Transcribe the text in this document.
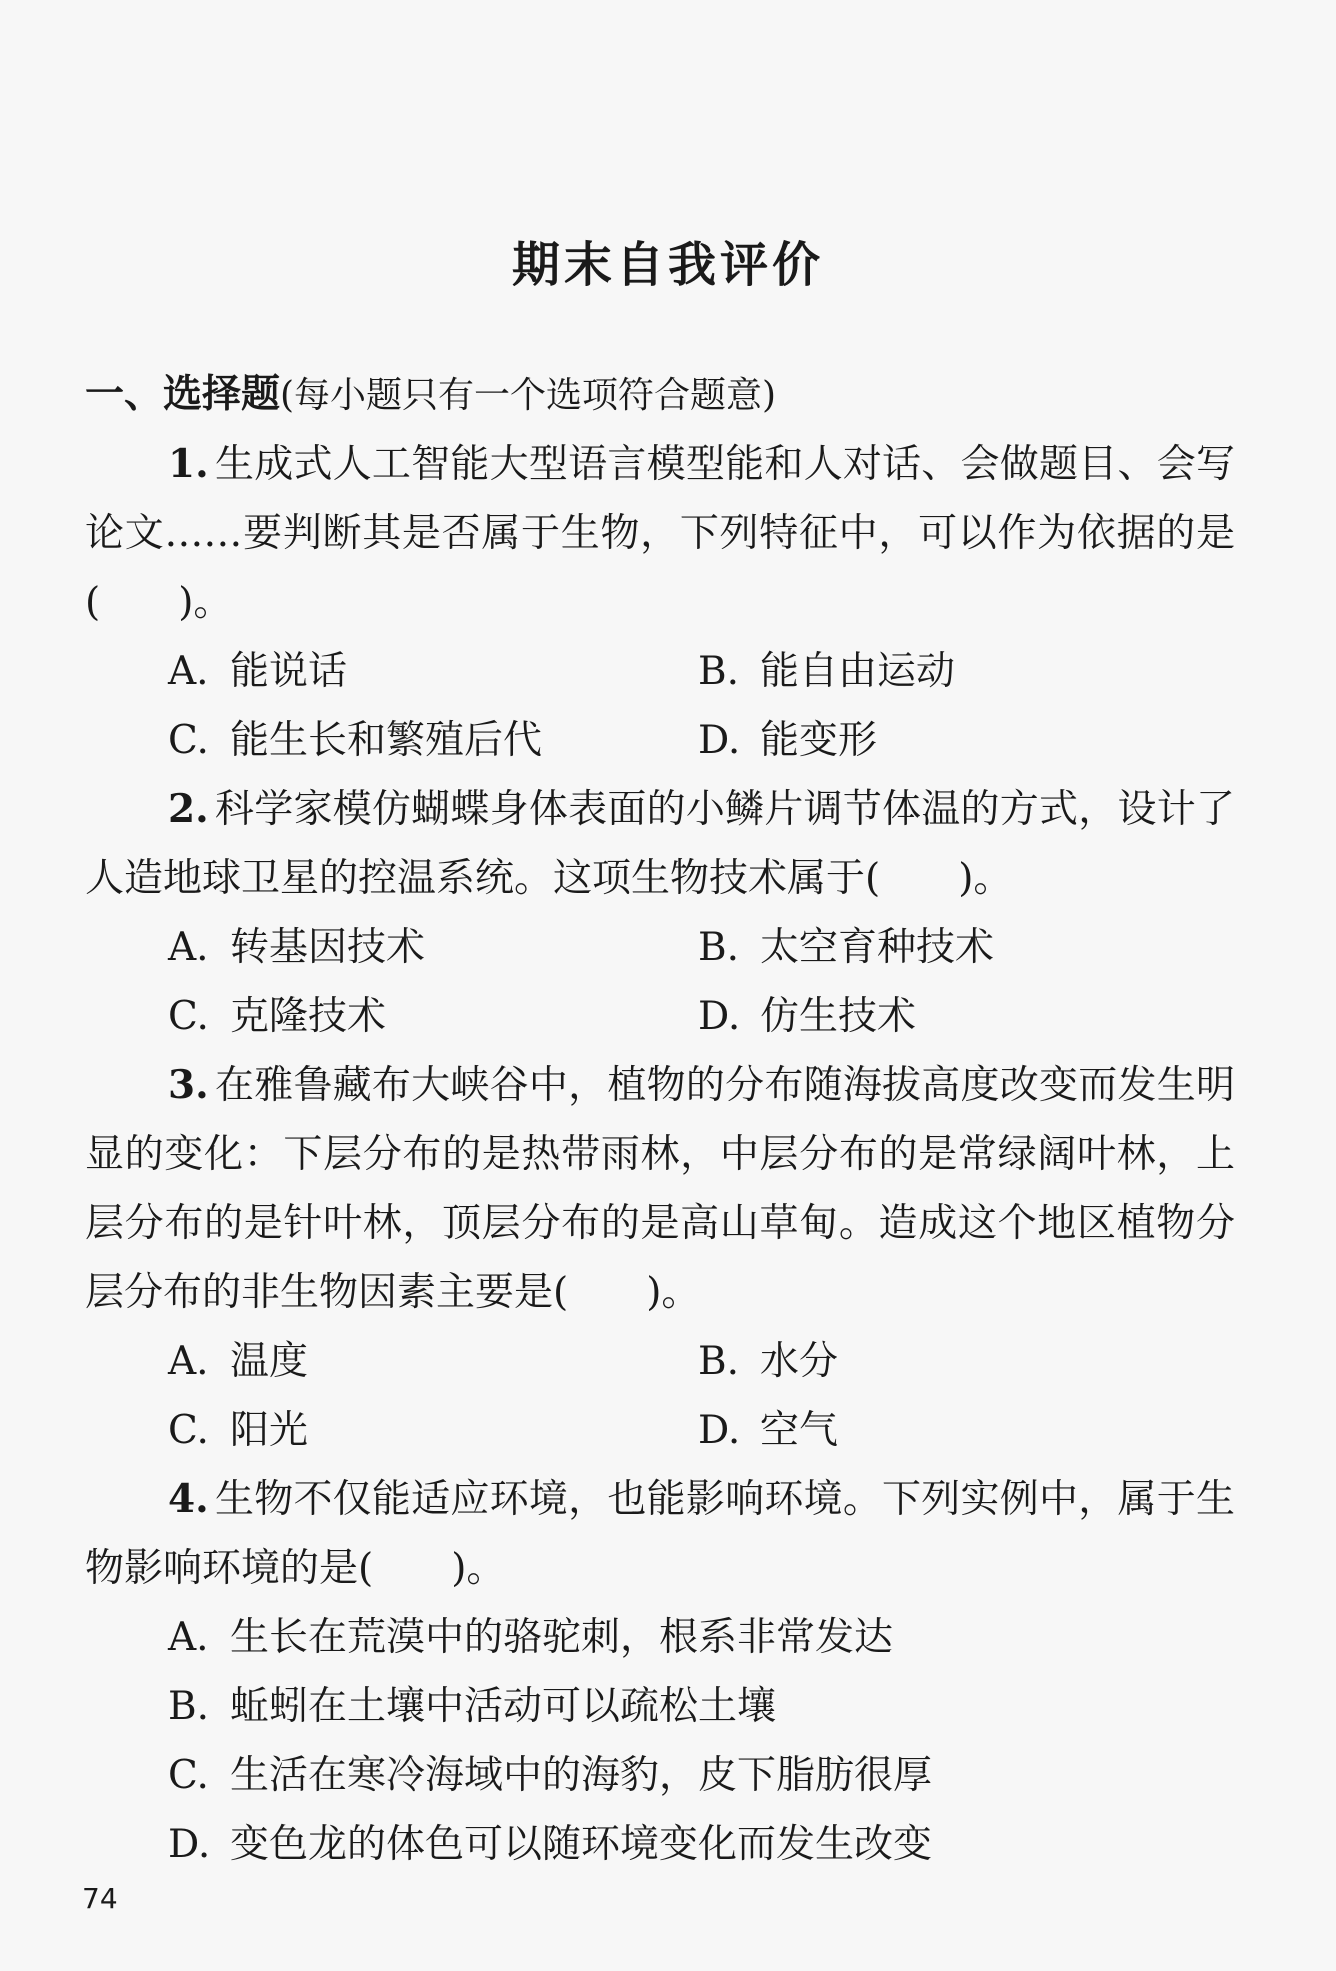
期末自我评价

一、选择题(每小题只有一个选项符合题意)

1. 生成式人工智能大型语言模型能和人对话、会做题目、会写论文……要判断其是否属于生物，下列特征中，可以作为依据的是(　　)。

A. 能说话	B. 能自由运动
C. 能生长和繁殖后代	D. 能变形

2. 科学家模仿蝴蝶身体表面的小鳞片调节体温的方式，设计了人造地球卫星的控温系统。这项生物技术属于(　　)。

A. 转基因技术	B. 太空育种技术
C. 克隆技术	D. 仿生技术

3. 在雅鲁藏布大峡谷中，植物的分布随海拔高度改变而发生明显的变化：下层分布的是热带雨林，中层分布的是常绿阔叶林，上层分布的是针叶林，顶层分布的是高山草甸。造成这个地区植物分层分布的非生物因素主要是(　　)。

A. 温度	B. 水分
C. 阳光	D. 空气

4. 生物不仅能适应环境，也能影响环境。下列实例中，属于生物影响环境的是(　　)。

A. 生长在荒漠中的骆驼刺，根系非常发达
B. 蚯蚓在土壤中活动可以疏松土壤
C. 生活在寒冷海域中的海豹，皮下脂肪很厚
D. 变色龙的体色可以随环境变化而发生改变
74
